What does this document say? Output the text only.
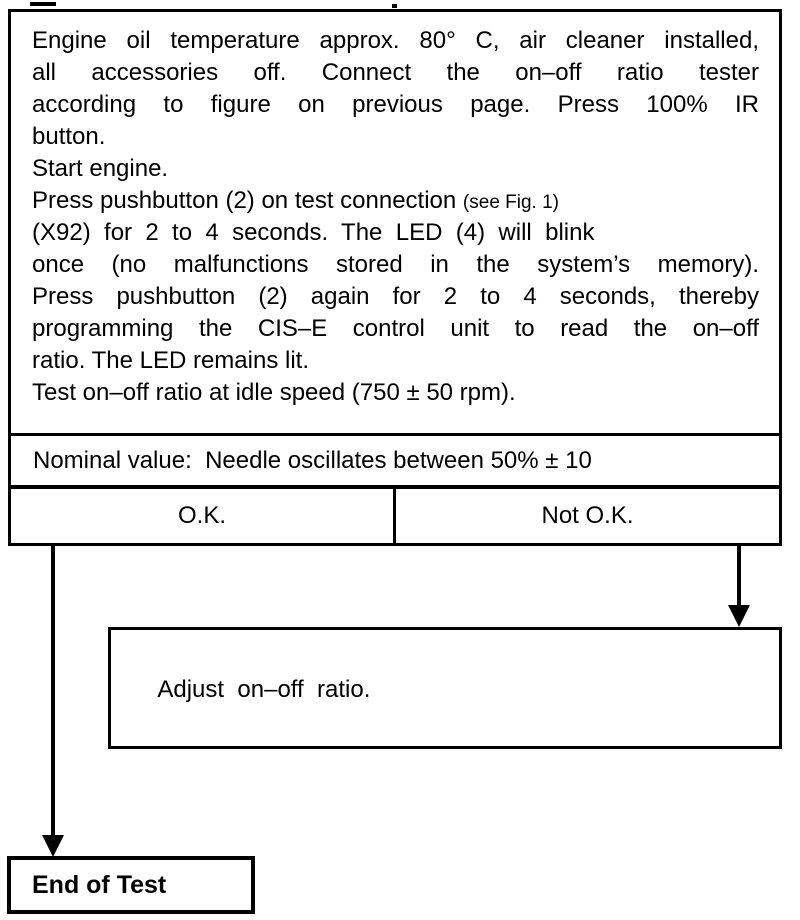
Engine oil temperature approx. 80° C, air cleaner installed,
all accessories off. Connect the on–off ratio tester
according to figure on previous page. Press 100% IR
button.
Start engine.
Press pushbutton (2) on test connection (see Fig. 1)
(X92)  for  2  to  4  seconds.  The  LED  (4)  will  blink
once (no malfunctions stored in the system’s memory).
Press pushbutton (2) again for 2 to 4 seconds, thereby
programming the CIS–E control unit to read the on–off
ratio. The LED remains lit.
Test on–off ratio at idle speed (750 ± 50 rpm).
Nominal value:  Needle oscillates between 50% ± 10
O.K.	Not O.K.

Adjust  on–off  ratio.

End of Test
